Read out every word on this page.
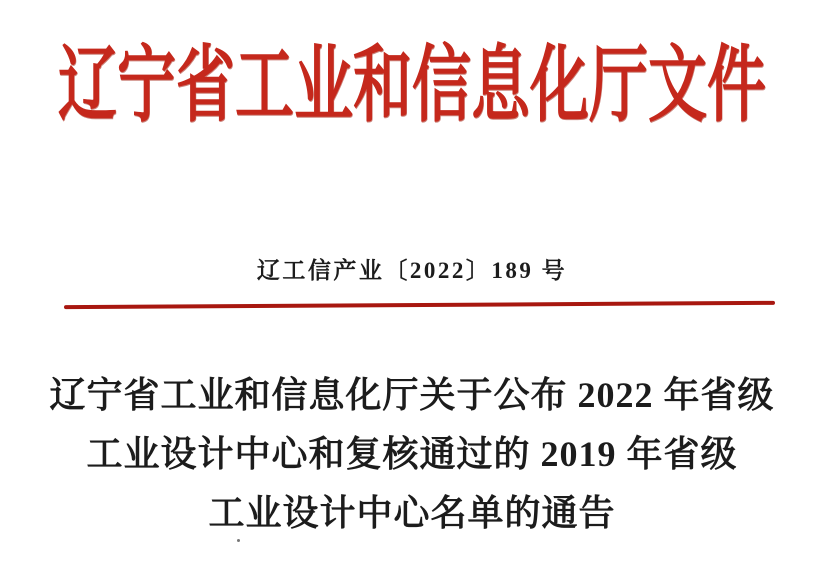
辽宁省工业和信息化厅文件
辽工信产业〔2022〕189 号
辽宁省工业和信息化厅关于公布 2022 年省级
工业设计中心和复核通过的 2019 年省级
工业设计中心名单的通告
